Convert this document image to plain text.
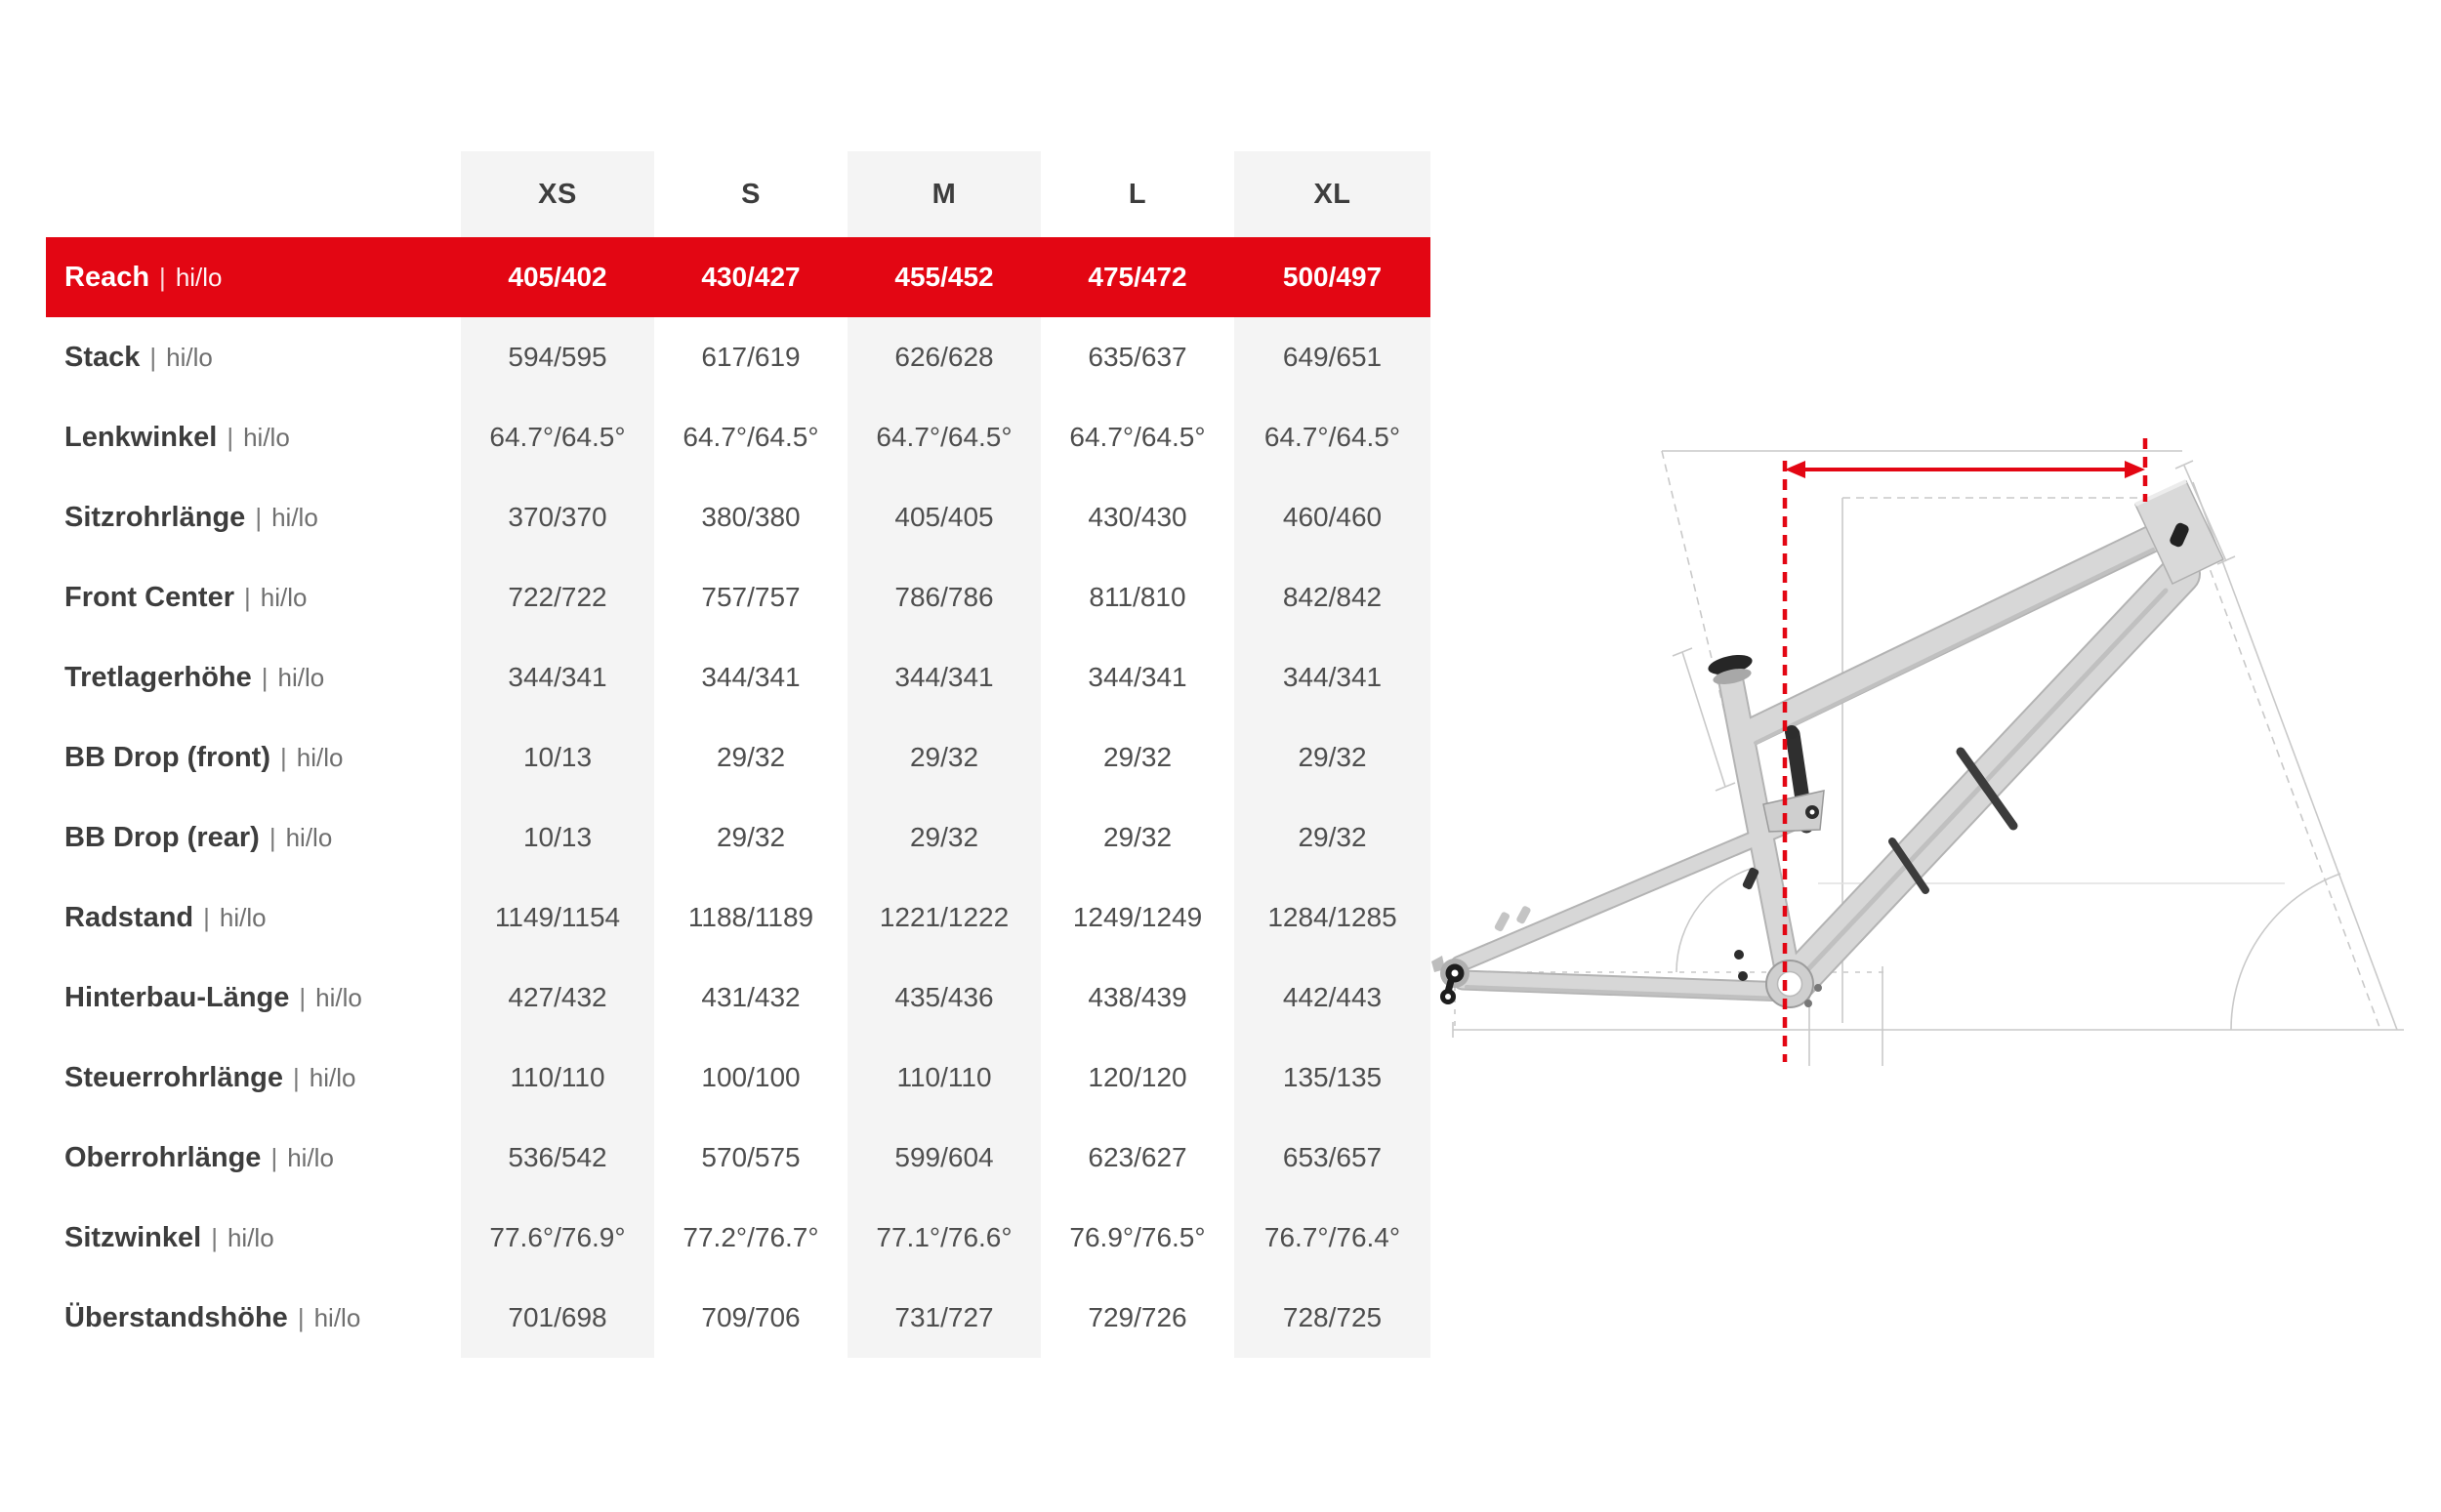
XS	S	M	L	XL
Reach | hi/lo	405/402	430/427	455/452	475/472	500/497
Stack | hi/lo	594/595	617/619	626/628	635/637	649/651
Lenkwinkel | hi/lo	64.7°/64.5°	64.7°/64.5°	64.7°/64.5°	64.7°/64.5°	64.7°/64.5°
Sitzrohrlänge | hi/lo	370/370	380/380	405/405	430/430	460/460
Front Center | hi/lo	722/722	757/757	786/786	811/810	842/842
Tretlagerhöhe | hi/lo	344/341	344/341	344/341	344/341	344/341
BB Drop (front) | hi/lo	10/13	29/32	29/32	29/32	29/32
BB Drop (rear) | hi/lo	10/13	29/32	29/32	29/32	29/32
Radstand | hi/lo	1149/1154	1188/1189	1221/1222	1249/1249	1284/1285
Hinterbau-Länge | hi/lo	427/432	431/432	435/436	438/439	442/443
Steuerrohrlänge | hi/lo	110/110	100/100	110/110	120/120	135/135
Oberrohrlänge | hi/lo	536/542	570/575	599/604	623/627	653/657
Sitzwinkel | hi/lo	77.6°/76.9°	77.2°/76.7°	77.1°/76.6°	76.9°/76.5°	76.7°/76.4°
Überstandshöhe | hi/lo	701/698	709/706	731/727	729/726	728/725
